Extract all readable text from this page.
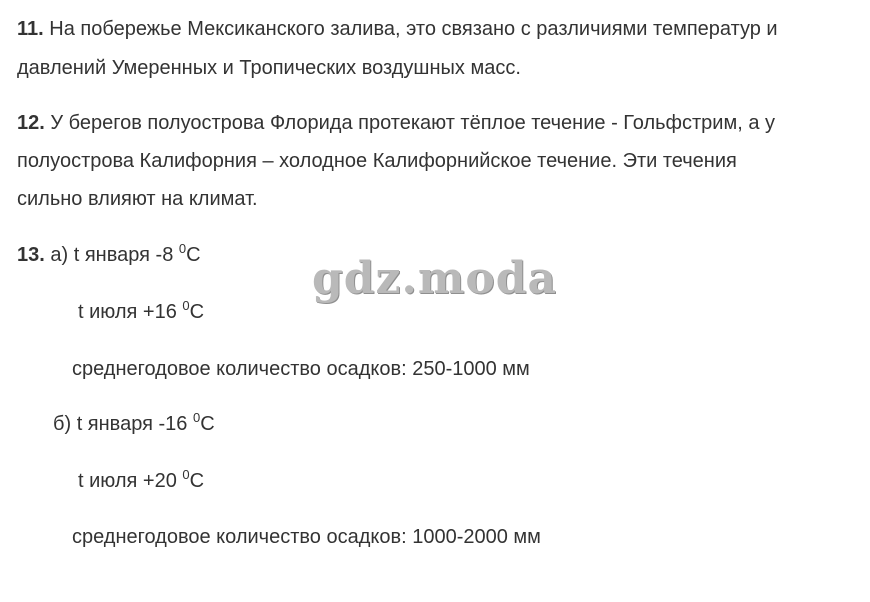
11. На побережье Мексиканского залива, это связано с различиями температур и
давлений Умеренных и Тропических воздушных масс.
12. У берегов полуострова Флорида протекают тёплое течение - Гольфстрим, а у
полуострова Калифорния – холодное Калифорнийское течение. Эти течения
сильно влияют на климат.
13. а) t января -8 $^0$C
t июля +16 $^0$C
среднегодовое количество осадков: 250-1000 мм
б) t января -16 $^0$C
t июля +20 $^0$C
среднегодовое количество осадков: 1000-2000 мм
gdz.moda
